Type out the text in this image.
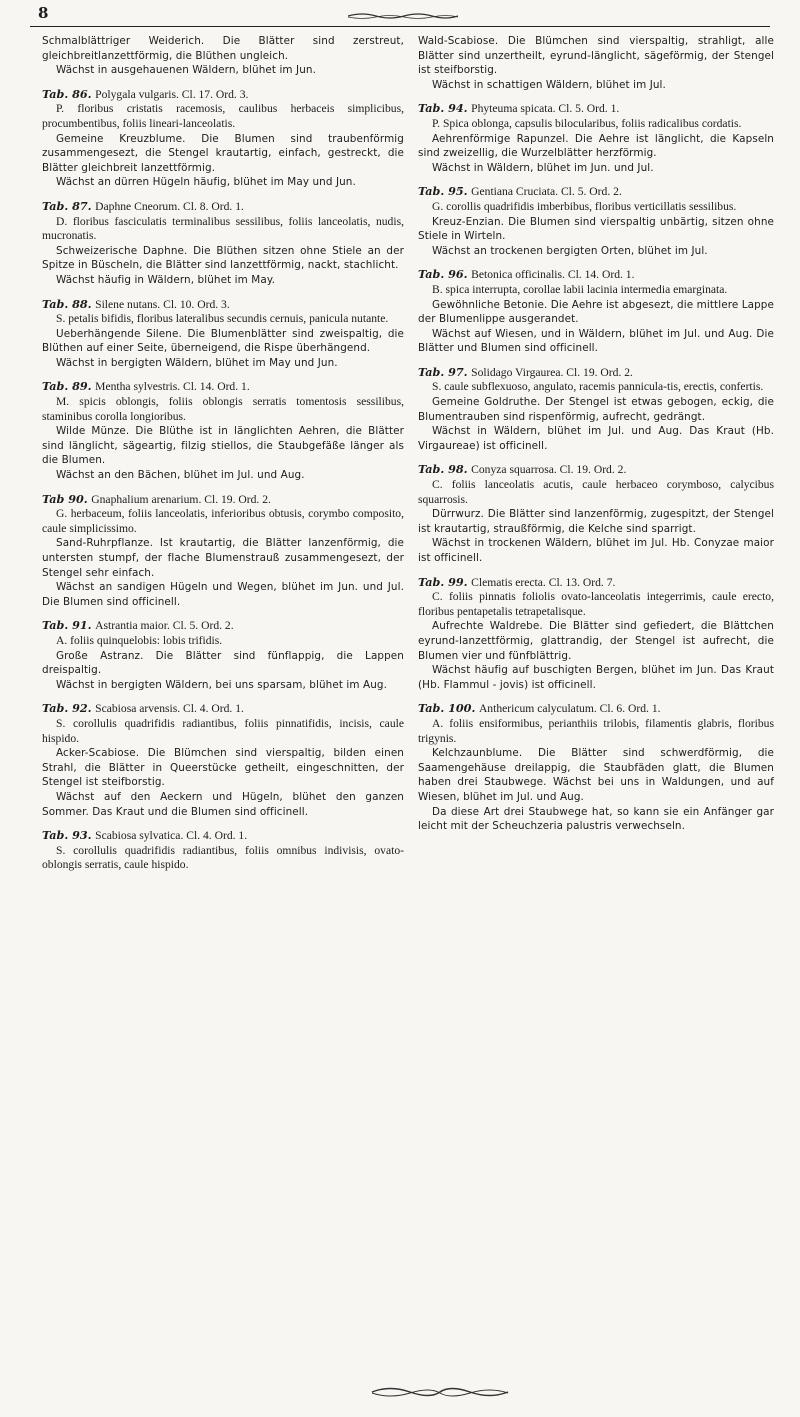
8

Schmalblättriger Weiderich. Die Blätter sind zerstreut, gleichbreitlanzettförmig, die Blüthen ungleich.

Wächst in ausgehauenen Wäldern, blühet im Jun.

Tab. 86. Polygala vulgaris. Cl. 17. Ord. 3.

P. floribus cristatis racemosis, caulibus herbaceis simplicibus, procumbentibus, foliis lineari-lanceolatis.

Gemeine Kreuzblume. Die Blumen sind traubenförmig zusammengesezt, die Stengel krautartig, einfach, gestreckt, die Blätter gleichbreit lanzettförmig.

Wächst an dürren Hügeln häufig, blühet im May und Jun.

Tab. 87. Daphne Cneorum. Cl. 8. Ord. 1.

D. floribus fasciculatis terminalibus sessilibus, foliis lanceolatis, nudis, mucronatis.

Schweizerische Daphne. Die Blüthen sitzen ohne Stiele an der Spitze in Büscheln, die Blätter sind lanzettförmig, nackt, stachlicht.

Wächst häufig in Wäldern, blühet im May.

Tab. 88. Silene nutans. Cl. 10. Ord. 3.

S. petalis bifidis, floribus lateralibus secundis cernuis, panicula nutante.

Ueberhängende Silene. Die Blumenblätter sind zweispaltig, die Blüthen auf einer Seite, überneigend, die Rispe überhängend.

Wächst in bergigten Wäldern, blühet im May und Jun.

Tab. 89. Mentha sylvestris. Cl. 14. Ord. 1.

M. spicis oblongis, foliis oblongis serratis tomentosis sessilibus, staminibus corolla longioribus.

Wilde Münze. Die Blüthe ist in länglichten Aehren, die Blätter sind länglicht, sägeartig, filzig stiellos, die Staubgefäße länger als die Blumen.

Wächst an den Bächen, blühet im Jul. und Aug.

Tab 90. Gnaphalium arenarium. Cl. 19. Ord. 2.

G. herbaceum, foliis lanceolatis, inferioribus obtusis, corymbo composito, caule simplicissimo.

Sand-Ruhrpflanze. Ist krautartig, die Blätter lanzenförmig, die untersten stumpf, der flache Blumenstrauß zusammengesezt, der Stengel sehr einfach.

Wächst an sandigen Hügeln und Wegen, blühet im Jun. und Jul. Die Blumen sind officinell.

Tab. 91. Astrantia maior. Cl. 5. Ord. 2.

A. foliis quinquelobis: lobis trifidis.

Große Astranz. Die Blätter sind fünflappig, die Lappen dreispaltig.

Wächst in bergigten Wäldern, bei uns sparsam, blühet im Aug.

Tab. 92. Scabiosa arvensis. Cl. 4. Ord. 1.

S. corollulis quadrifidis radiantibus, foliis pinnatifidis, incisis, caule hispido.

Acker-Scabiose. Die Blümchen sind vierspaltig, bilden einen Strahl, die Blätter in Queerstücke getheilt, eingeschnitten, der Stengel ist steifborstig.

Wächst auf den Aeckern und Hügeln, blühet den ganzen Sommer. Das Kraut und die Blumen sind officinell.

Tab. 93. Scabiosa sylvatica. Cl. 4. Ord. 1.

S. corollulis quadrifidis radiantibus, foliis omnibus indivisis, ovato-oblongis serratis, caule hispido.

Wald-Scabiose. Die Blümchen sind vierspaltig, strahligt, alle Blätter sind unzertheilt, eyrund-länglicht, sägeförmig, der Stengel ist steifborstig.

Wächst in schattigen Wäldern, blühet im Jul.

Tab. 94. Phyteuma spicata. Cl. 5. Ord. 1.

P. Spica oblonga, capsulis bilocularibus, foliis radicalibus cordatis.

Aehrenförmige Rapunzel. Die Aehre ist länglicht, die Kapseln sind zweizellig, die Wurzelblätter herzförmig.

Wächst in Wäldern, blühet im Jun. und Jul.

Tab. 95. Gentiana Cruciata. Cl. 5. Ord. 2.

G. corollis quadrifidis imberbibus, floribus verticillatis sessilibus.

Kreuz-Enzian. Die Blumen sind vierspaltig unbärtig, sitzen ohne Stiele in Wirteln.

Wächst an trockenen bergigten Orten, blühet im Jul.

Tab. 96. Betonica officinalis. Cl. 14. Ord. 1.

B. spica interrupta, corollae labii lacinia intermedia emarginata.

Gewöhnliche Betonie. Die Aehre ist abgesezt, die mittlere Lappe der Blumenlippe ausgerandet.

Wächst auf Wiesen, und in Wäldern, blühet im Jul. und Aug. Die Blätter und Blumen sind officinell.

Tab. 97. Solidago Virgaurea. Cl. 19. Ord. 2.

S. caule subflexuoso, angulato, racemis pannicula-tis, erectis, confertis.

Gemeine Goldruthe. Der Stengel ist etwas gebogen, eckig, die Blumentrauben sind rispenförmig, aufrecht, gedrängt.

Wächst in Wäldern, blühet im Jul. und Aug. Das Kraut (Hb. Virgaureae) ist officinell.

Tab. 98. Conyza squarrosa. Cl. 19. Ord. 2.

C. foliis lanceolatis acutis, caule herbaceo corymboso, calycibus squarrosis.

Dürrwurz. Die Blätter sind lanzenförmig, zugespitzt, der Stengel ist krautartig, straußförmig, die Kelche sind sparrigt.

Wächst in trockenen Wäldern, blühet im Jul. Hb. Conyzae maior ist officinell.

Tab. 99. Clematis erecta. Cl. 13. Ord. 7.

C. foliis pinnatis foliolis ovato-lanceolatis integerrimis, caule erecto, floribus pentapetalis tetrapetalisque.

Aufrechte Waldrebe. Die Blätter sind gefiedert, die Blättchen eyrund-lanzettförmig, glattrandig, der Stengel ist aufrecht, die Blumen vier und fünfblättrig.

Wächst häufig auf buschigten Bergen, blühet im Jun. Das Kraut (Hb. Flammul - jovis) ist officinell.

Tab. 100. Anthericum calyculatum. Cl. 6. Ord. 1.

A. foliis ensiformibus, perianthiis trilobis, filamentis glabris, floribus trigynis.

Kelchzaunblume. Die Blätter sind schwerdförmig, die Saamengehäuse dreilappig, die Staubfäden glatt, die Blumen haben drei Staubwege. Wächst bei uns in Waldungen, und auf Wiesen, blühet im Jul. und Aug.

Da diese Art drei Staubwege hat, so kann sie ein Anfänger gar leicht mit der Scheuchzeria palustris verwechseln.
